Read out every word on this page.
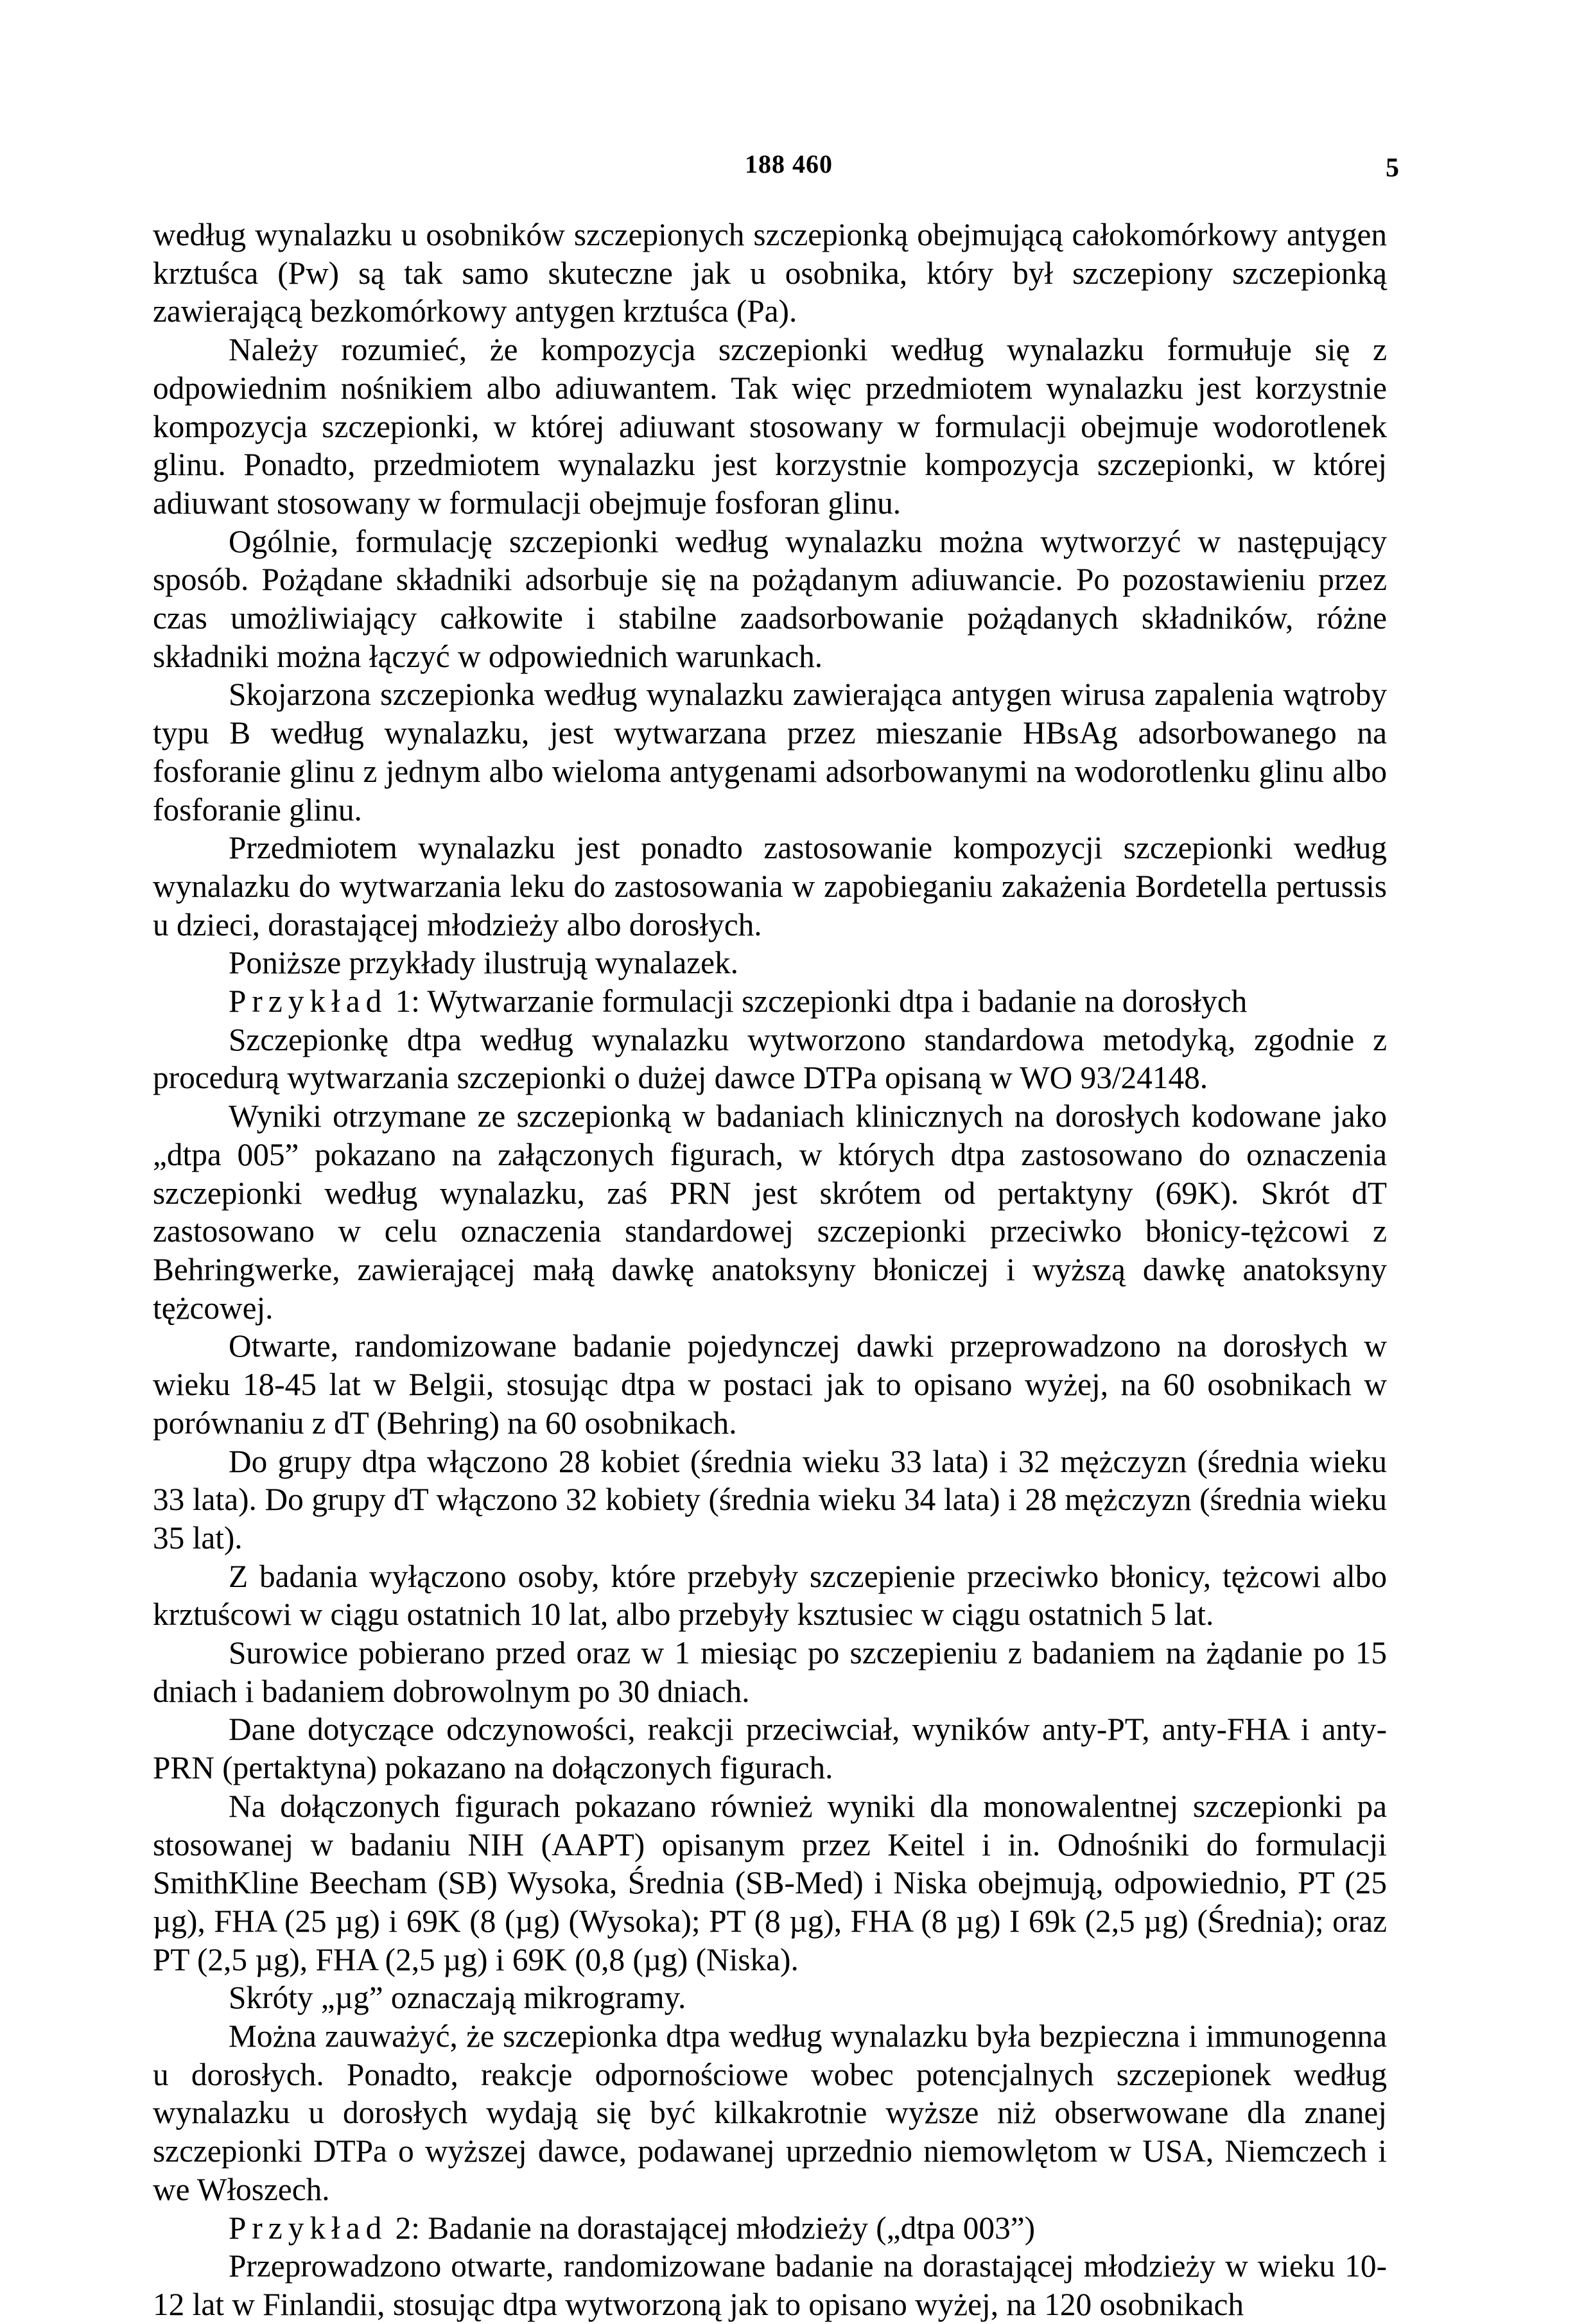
188 460	5

według wynalazku u osobników szczepionych szczepionką obejmującą całokomórkowy antygen krztuśca (Pw) są tak samo skuteczne jak u osobnika, który był szczepiony szczepionką zawierającą bezkomórkowy antygen krztuśca (Pa).

Należy rozumieć, że kompozycja szczepionki według wynalazku formułuje się z odpowiednim nośnikiem albo adiuwantem. Tak więc przedmiotem wynalazku jest korzystnie kompozycja szczepionki, w której adiuwant stosowany w formulacji obejmuje wodorotlenek glinu. Ponadto, przedmiotem wynalazku jest korzystnie kompozycja szczepionki, w której adiuwant stosowany w formulacji obejmuje fosforan glinu.

Ogólnie, formulację szczepionki według wynalazku można wytworzyć w następujący sposób. Pożądane składniki adsorbuje się na pożądanym adiuwancie. Po pozostawieniu przez czas umożliwiający całkowite i stabilne zaadsorbowanie pożądanych składników, różne składniki można łączyć w odpowiednich warunkach.

Skojarzona szczepionka według wynalazku zawierająca antygen wirusa zapalenia wątroby typu B według wynalazku, jest wytwarzana przez mieszanie HBsAg adsorbowanego na fosforanie glinu z jednym albo wieloma antygenami adsorbowanymi na wodorotlenku glinu albo fosforanie glinu.

Przedmiotem wynalazku jest ponadto zastosowanie kompozycji szczepionki według wynalazku do wytwarzania leku do zastosowania w zapobieganiu zakażenia Bordetella pertussis u dzieci, dorastającej młodzieży albo dorosłych.

Poniższe przykłady ilustrują wynalazek.

Przykład 1: Wytwarzanie formulacji szczepionki dtpa i badanie na dorosłych

Szczepionkę dtpa według wynalazku wytworzono standardowa metodyką, zgodnie z procedurą wytwarzania szczepionki o dużej dawce DTPa opisaną w WO 93/24148.

Wyniki otrzymane ze szczepionką w badaniach klinicznych na dorosłych kodowane jako „dtpa 005” pokazano na załączonych figurach, w których dtpa zastosowano do oznaczenia szczepionki według wynalazku, zaś PRN jest skrótem od pertaktyny (69K). Skrót dT zastosowano w celu oznaczenia standardowej szczepionki przeciwko błonicy-tężcowi z Behringwerke, zawierającej małą dawkę anatoksyny błoniczej i wyższą dawkę anatoksyny tężcowej.

Otwarte, randomizowane badanie pojedynczej dawki przeprowadzono na dorosłych w wieku 18-45 lat w Belgii, stosując dtpa w postaci jak to opisano wyżej, na 60 osobnikach w porównaniu z dT (Behring) na 60 osobnikach.

Do grupy dtpa włączono 28 kobiet (średnia wieku 33 lata) i 32 mężczyzn (średnia wieku 33 lata). Do grupy dT włączono 32 kobiety (średnia wieku 34 lata) i 28 mężczyzn (średnia wieku 35 lat).

Z badania wyłączono osoby, które przebyły szczepienie przeciwko błonicy, tężcowi albo krztuścowi w ciągu ostatnich 10 lat, albo przebyły ksztusiec w ciągu ostatnich 5 lat.

Surowice pobierano przed oraz w 1 miesiąc po szczepieniu z badaniem na żądanie po 15 dniach i badaniem dobrowolnym po 30 dniach.

Dane dotyczące odczynowości, reakcji przeciwciał, wyników anty-PT, anty-FHA i anty-PRN (pertaktyna) pokazano na dołączonych figurach.

Na dołączonych figurach pokazano również wyniki dla monowalentnej szczepionki pa stosowanej w badaniu NIH (AAPT) opisanym przez Keitel i in. Odnośniki do formulacji SmithKline Beecham (SB) Wysoka, Średnia (SB-Med) i Niska obejmują, odpowiednio, PT (25 µg), FHA (25 µg) i 69K (8 (µg) (Wysoka); PT (8 µg), FHA (8 µg) I 69k (2,5 µg) (Średnia); oraz PT (2,5 µg), FHA (2,5 µg) i 69K (0,8 (µg) (Niska).

Skróty „µg” oznaczają mikrogramy.

Można zauważyć, że szczepionka dtpa według wynalazku była bezpieczna i immunogenna u dorosłych. Ponadto, reakcje odpornościowe wobec potencjalnych szczepionek według wynalazku u dorosłych wydają się być kilkakrotnie wyższe niż obserwowane dla znanej szczepionki DTPa o wyższej dawce, podawanej uprzednio niemowlętom w USA, Niemczech i we Włoszech.

Przykład 2: Badanie na dorastającej młodzieży („dtpa 003”)

Przeprowadzono otwarte, randomizowane badanie na dorastającej młodzieży w wieku 10-12 lat w Finlandii, stosując dtpa wytworzoną jak to opisano wyżej, na 120 osobnikach
